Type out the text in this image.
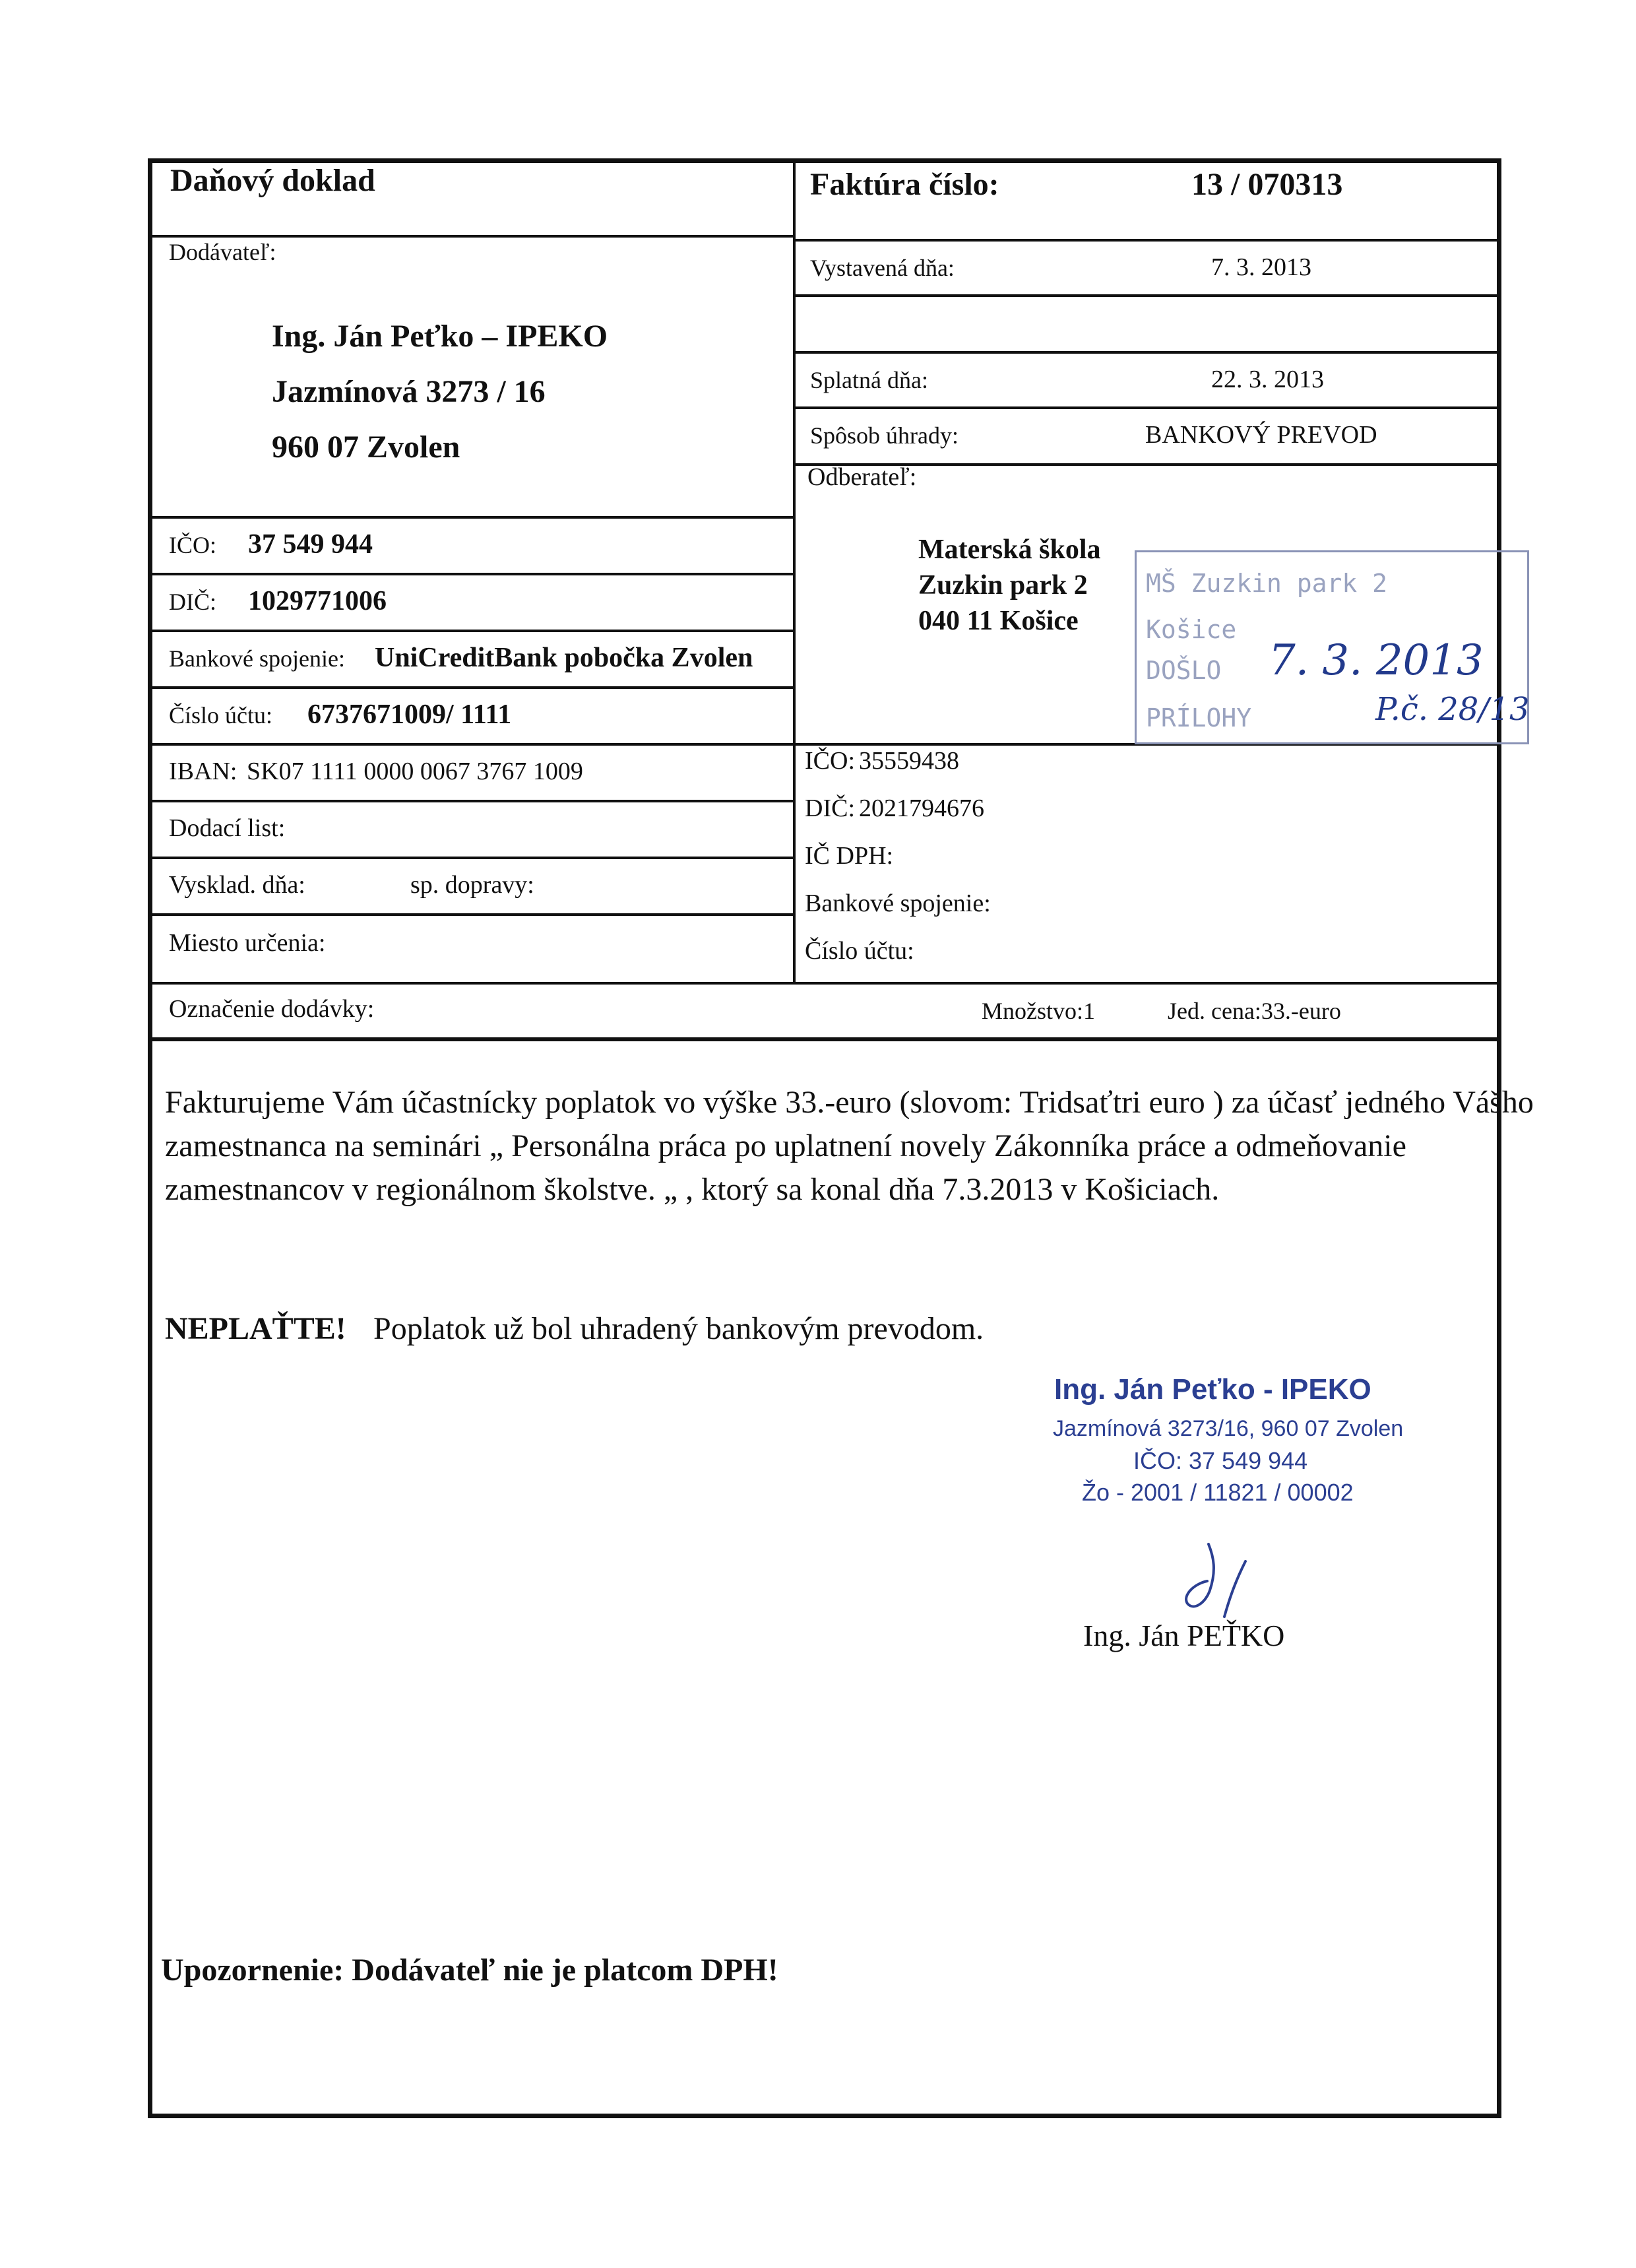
Daňový doklad	Faktúra číslo:	13 / 070313
Dodávateľ:
Ing. Ján Peťko – IPEKO
Jazmínová 3273 / 16
960 07 Zvolen
IČO: 37 549 944
DIČ: 1029771006
Bankové spojenie: UniCreditBank pobočka Zvolen
Číslo účtu: 6737671009/ 1111
IBAN: SK07 1111 0000 0067 3767 1009
Dodací list:
Vysklad. dňa:	sp. dopravy:
Miesto určenia:
Vystavená dňa:	7. 3. 2013
Splatná dňa:	22. 3. 2013
Spôsob úhrady:	BANKOVÝ PREVOD
Odberateľ:
Materská škola
Zuzkin park 2
040 11 Košice
IČO: 35559438
DIČ: 2021794676
IČ DPH:
Bankové spojenie:
Číslo účtu:
MŠ Zuzkin park 2
Košice
DOŠLO 7. 3. 2013
PRÍLOHY	P.č. 28/13
Označenie dodávky:	Množstvo:1	Jed. cena:33.-euro
Fakturujeme Vám účastnícky poplatok vo výške 33.-euro (slovom: Tridsaťtri euro ) za účasť jedného Vášho zamestnanca na seminári „ Personálna práca po uplatnení novely Zákonníka práce a odmeňovanie zamestnancov v regionálnom školstve. „ , ktorý sa konal dňa 7.3.2013 v Košiciach.
NEPLAŤTE! Poplatok už bol uhradený bankovým prevodom.
Ing. Ján Peťko - IPEKO
Jazmínová 3273/16, 960 07 Zvolen
IČO: 37 549 944
Žo - 2001 / 11821 / 00002
Ing. Ján PEŤKO
Upozornenie: Dodávateľ nie je platcom DPH!
